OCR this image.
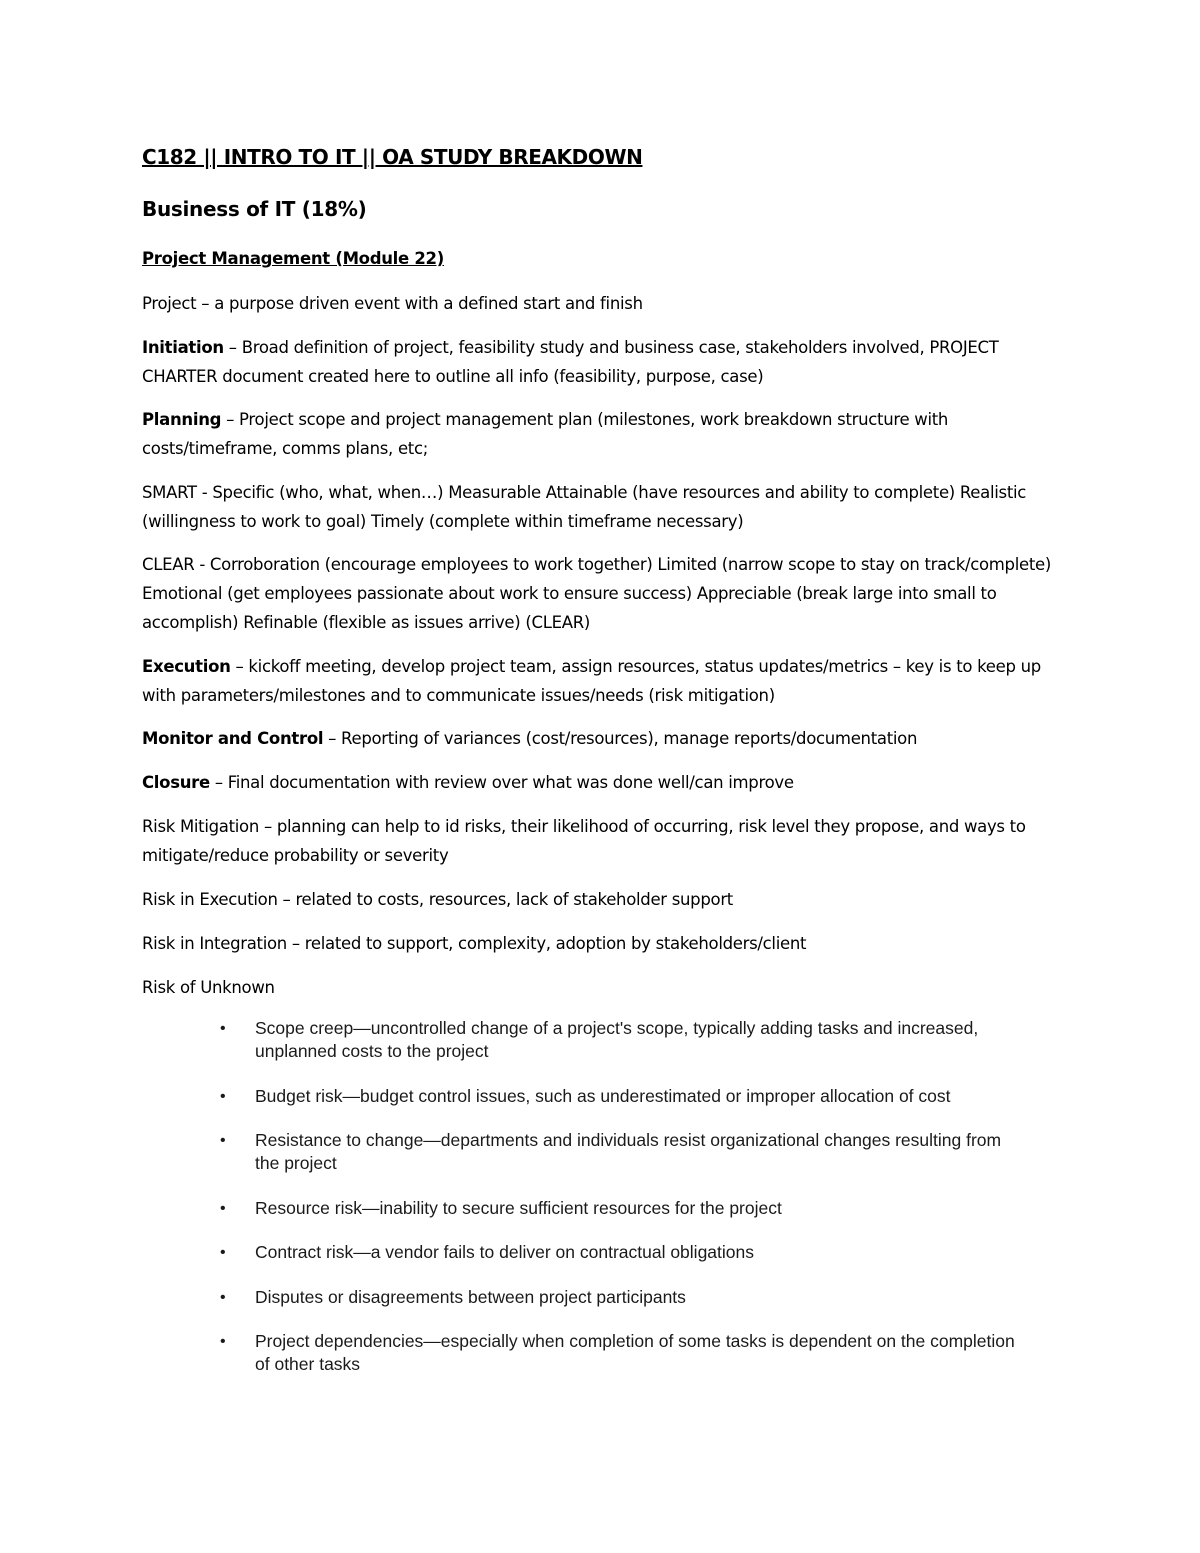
C182 || INTRO TO IT || OA STUDY BREAKDOWN
Business of IT (18%)
Project Management (Module 22)
Project – a purpose driven event with a defined start and finish
Initiation – Broad definition of project, feasibility study and business case, stakeholders involved, PROJECT CHARTER document created here to outline all info (feasibility, purpose, case)
Planning – Project scope and project management plan (milestones, work breakdown structure with costs/timeframe, comms plans, etc;
SMART - Specific (who, what, when…) Measurable Attainable (have resources and ability to complete) Realistic (willingness to work to goal) Timely (complete within timeframe necessary)
CLEAR - Corroboration (encourage employees to work together) Limited (narrow scope to stay on track/complete) Emotional (get employees passionate about work to ensure success) Appreciable (break large into small to accomplish) Refinable (flexible as issues arrive) (CLEAR)
Execution – kickoff meeting, develop project team, assign resources, status updates/metrics – key is to keep up with parameters/milestones and to communicate issues/needs (risk mitigation)
Monitor and Control – Reporting of variances (cost/resources), manage reports/documentation
Closure – Final documentation with review over what was done well/can improve
Risk Mitigation – planning can help to id risks, their likelihood of occurring, risk level they propose, and ways to mitigate/reduce probability or severity
Risk in Execution – related to costs, resources, lack of stakeholder support
Risk in Integration – related to support, complexity, adoption by stakeholders/client
Risk of Unknown
• Scope creep—uncontrolled change of a project's scope, typically adding tasks and increased, unplanned costs to the project
• Budget risk—budget control issues, such as underestimated or improper allocation of cost
• Resistance to change—departments and individuals resist organizational changes resulting from the project
• Resource risk—inability to secure sufficient resources for the project
• Contract risk—a vendor fails to deliver on contractual obligations
• Disputes or disagreements between project participants
• Project dependencies—especially when completion of some tasks is dependent on the completion of other tasks
